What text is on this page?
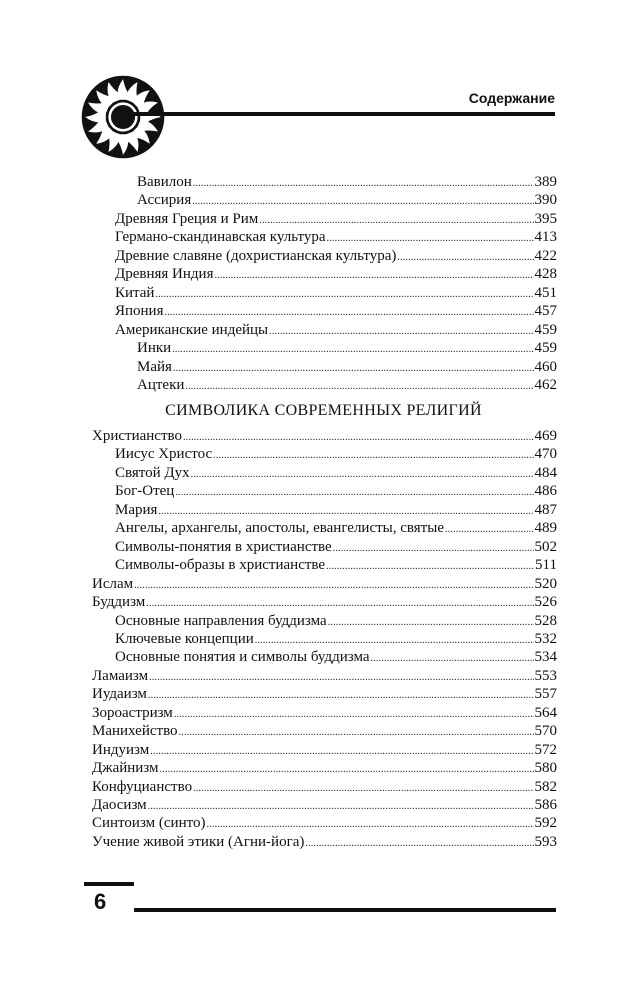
Содержание
СИМВОЛИКА СОВРЕМЕННЫХ РЕЛИГИЙ
Вавилон .....	389
Ассирия .....	390
Древняя Греция и Рим .....	395
Германо-скандинавская культура .....	413
Древние славяне (дохристианская культура) .....	422
Древняя Индия .....	428
Китай .....	451
Япония .....	457
Американские индейцы .....	459
Инки .....	459
Майя .....	460
Ацтеки .....	462
Христианство .....	469
Иисус Христос .....	470
Святой Дух .....	484
Бог-Отец .....	486
Мария .....	487
Ангелы, архангелы, апостолы, евангелисты, святые .....	489
Символы-понятия в христианстве .....	502
Символы-образы в христианстве .....	511
Ислам .....	520
Буддизм .....	526
Основные направления буддизма .....	528
Ключевые концепции .....	532
Основные понятия и символы буддизма .....	534
Ламаизм .....	553
Иудаизм .....	557
Зороастризм .....	564
Манихейство .....	570
Индуизм .....	572
Джайнизм .....	580
Конфуцианство .....	582
Даосизм .....	586
Синтоизм (синто) .....	592
Учение живой этики (Агни-йога) .....	593
6
